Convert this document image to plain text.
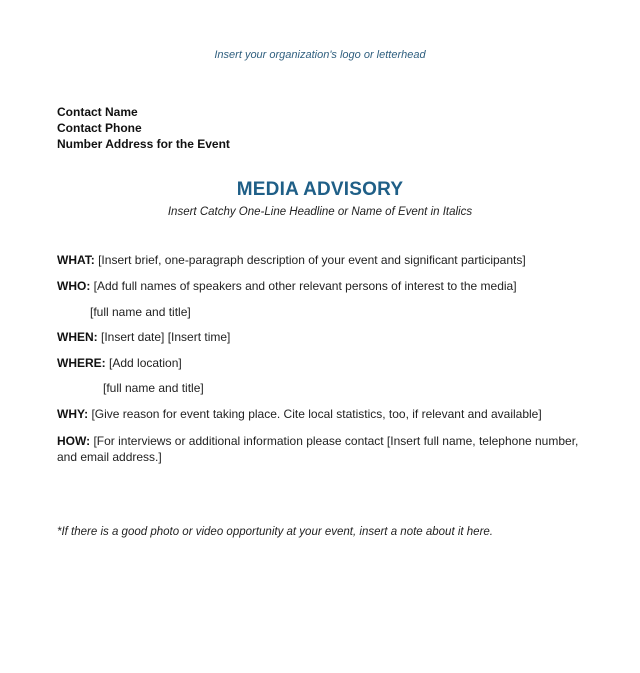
Insert your organization's logo or letterhead
Contact Name
Contact Phone
Number Address for the Event
MEDIA ADVISORY
Insert Catchy One-Line Headline or Name of Event in Italics
WHAT: [Insert brief, one-paragraph description of your event and significant participants]
WHO: [Add full names of speakers and other relevant persons of interest to the media]
[full name and title]
WHEN: [Insert date] [Insert time]
WHERE: [Add location]
[full name and title]
WHY: [Give reason for event taking place. Cite local statistics, too, if relevant and available]
HOW: [For interviews or additional information please contact [Insert full name, telephone number, and email address.]
*If there is a good photo or video opportunity at your event, insert a note about it here.
